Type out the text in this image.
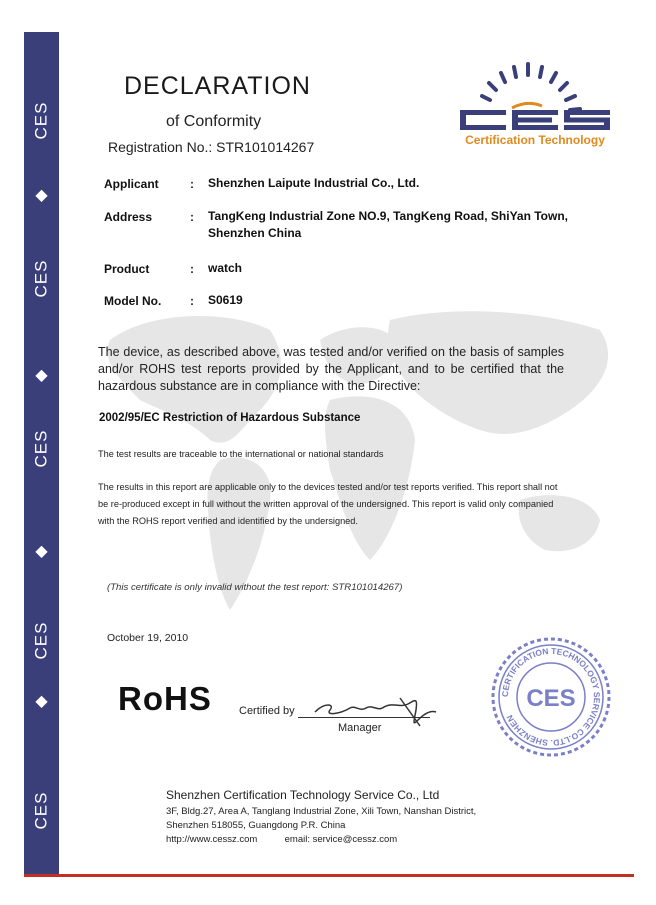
CES
◆
CES
◆
CES
◆
CES
◆
CES
DECLARATION
of Conformity
Registration No.: STR101014267	Certification Technology
Applicant	: Shenzhen Laipute Industrial Co., Ltd.
Address	: TangKeng Industrial Zone NO.9, TangKeng Road, ShiYan Town, Shenzhen China
Product	: watch
Model No. : S0619
The device, as described above, was tested and/or verified on the basis of samples and/or ROHS test reports provided by the Applicant, and to be certified that the hazardous substance are in compliance with the Directive:
2002/95/EC Restriction of Hazardous Substance
The test results are traceable to the international or national standards
The results in this report are applicable only to the devices tested and/or test reports verified. This report shall not be re-produced except in full without the written approval of the undersigned. This report is valid only companied with the ROHS report verified and identified by the undersigned.
(This certificate is only invalid without the test report: STR101014267)
October 19, 2010
RoHS Certified by
Manager
CERTIFICATION TECHNOLOGY SERVICE CO.LTD. SHENZHEN
CES
Shenzhen Certification Technology Service Co., Ltd
3F, Bldg.27, Area A, Tanglang Industrial Zone, Xili Town, Nanshan District,
Shenzhen 518055, Guangdong P.R. China
http://www.cessz.com	email: service@cessz.com
